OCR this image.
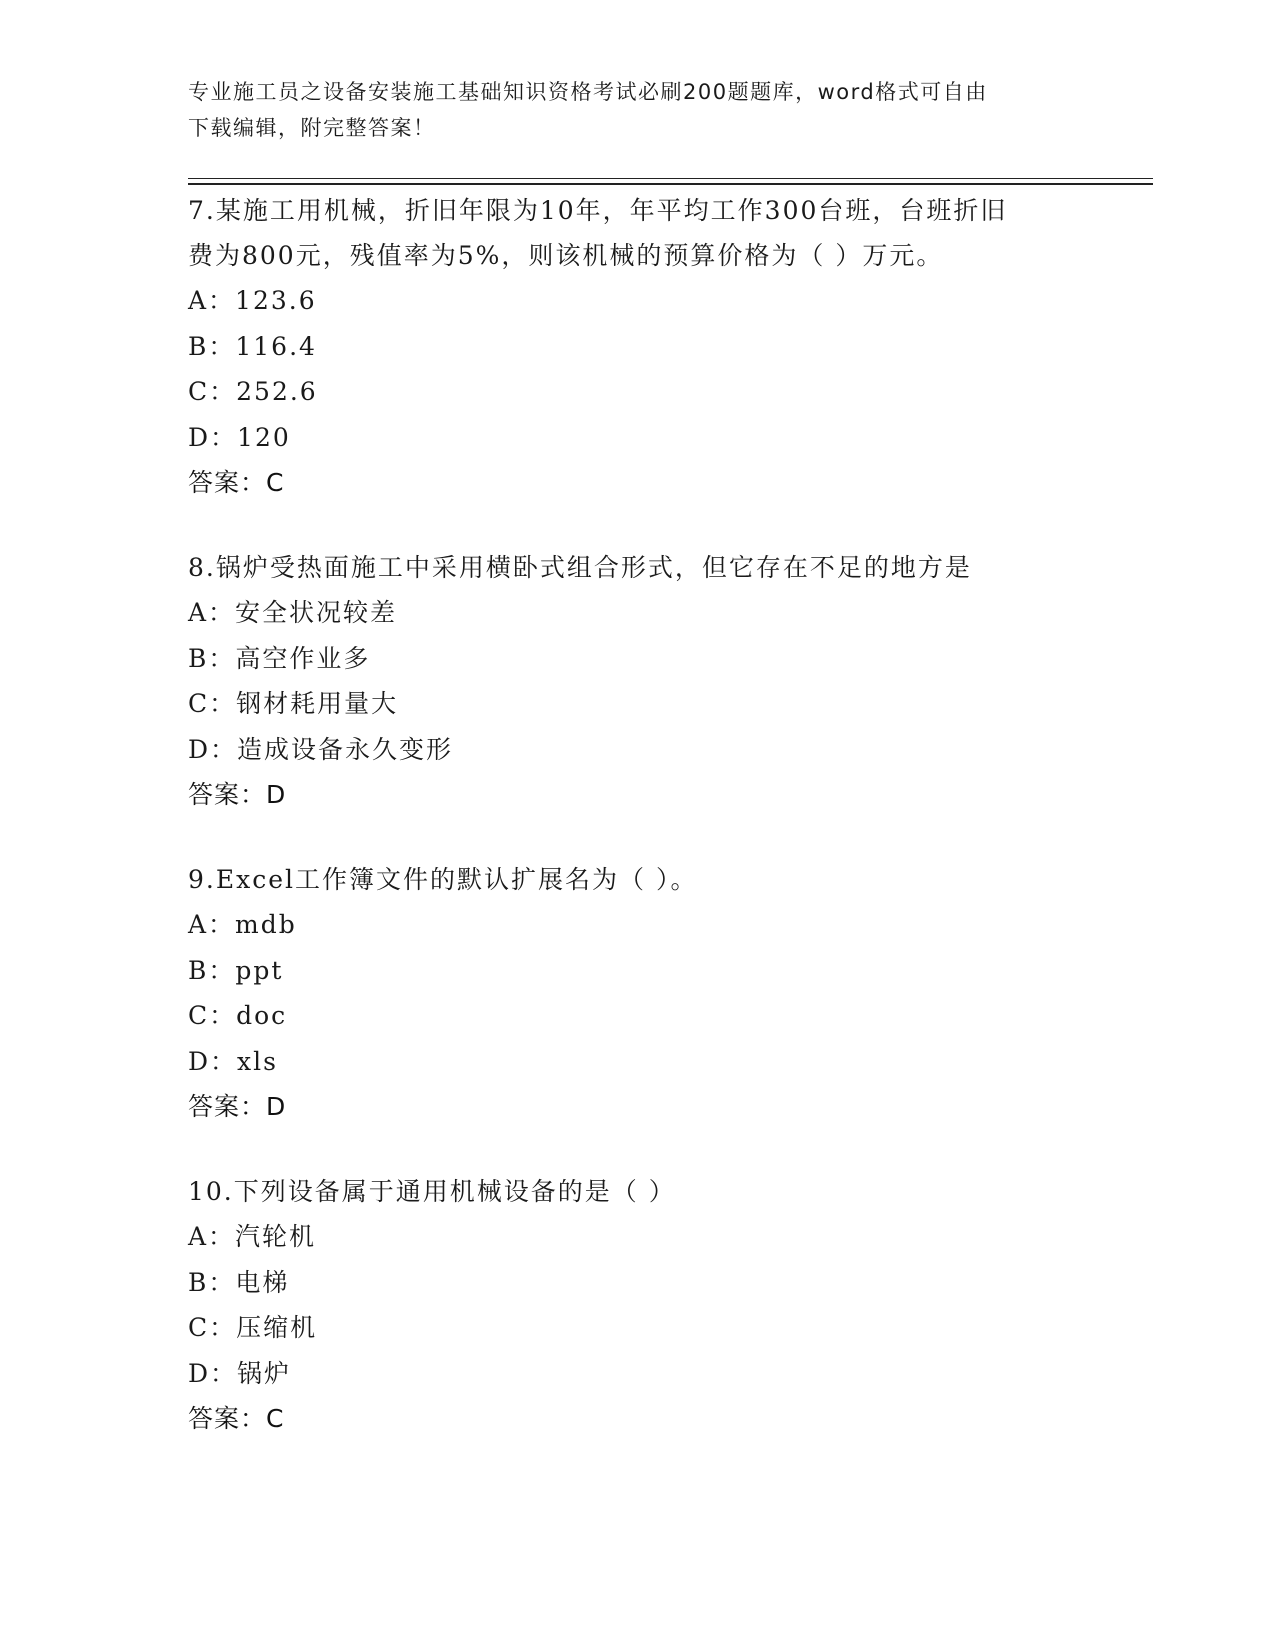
专业施工员之设备安装施工基础知识资格考试必刷200题题库，word格式可自由
下载编辑，附完整答案！

7.某施工用机械，折旧年限为10年，年平均工作300台班，台班折旧

费为800元，残值率为5%，则该机械的预算价格为（ ）万元。

A：123.6

B：116.4

C：252.6

D：120

答案：C

8.锅炉受热面施工中采用横卧式组合形式，但它存在不足的地方是

A：安全状况较差

B：高空作业多

C：钢材耗用量大

D：造成设备永久变形

答案：D

9.Excel工作簿文件的默认扩展名为（ ）。

A：mdb

B：ppt

C：doc

D：xls

答案：D

10.下列设备属于通用机械设备的是（ ）

A：汽轮机

B：电梯

C：压缩机

D：锅炉

答案：C
